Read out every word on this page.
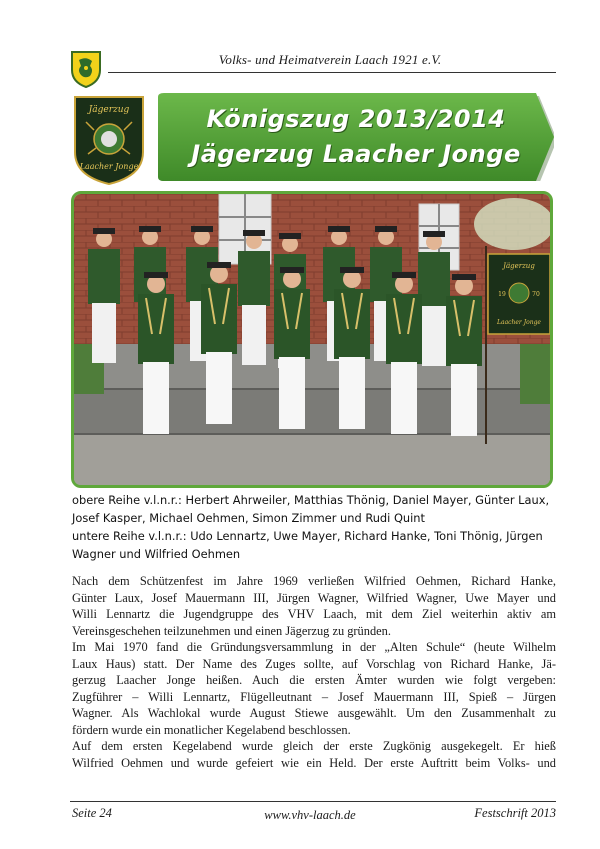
Volks- und Heimatverein Laach 1921 e.V.
Jägerzug
Laacher Jonge
Königszug 2013/2014
Jägerzug Laacher Jonge
Jägerzug
19	70
Laacher Jonge
obere Reihe v.l.n.r.: Herbert Ahrweiler, Matthias Thönig, Daniel Mayer, Günter Laux,
Josef Kasper, Michael Oehmen, Simon Zimmer und Rudi Quint
untere Reihe v.l.n.r.: Udo Lennartz, Uwe Mayer, Richard Hanke, Toni Thönig, Jürgen
Wagner und Wilfried Oehmen

Nach dem Schützenfest im Jahre 1969 verließen Wilfried Oehmen, Richard Hanke,

Günter Laux, Josef Mauermann III, Jürgen Wagner, Wilfried Wagner, Uwe Mayer und

Willi Lennartz die Jugendgruppe des VHV Laach, mit dem Ziel weiterhin aktiv am

Vereinsgeschehen teilzunehmen und einen Jägerzug zu gründen.

Im Mai 1970 fand die Gründungsversammlung in der „Alten Schule“ (heute Wilhelm

Laux Haus) statt. Der Name des Zuges sollte, auf Vorschlag von Richard Hanke, Jä-

gerzug Laacher Jonge heißen. Auch die ersten Ämter wurden wie folgt vergeben:

Zugführer – Willi Lennartz, Flügelleutnant – Josef Mauermann III, Spieß – Jürgen

Wagner. Als Wachlokal wurde August Stiewe ausgewählt. Um den Zusammenhalt zu

fördern wurde ein monatlicher Kegelabend beschlossen.

Auf dem ersten Kegelabend wurde gleich der erste Zugkönig ausgekegelt. Er hieß

Wilfried Oehmen und wurde gefeiert wie ein Held. Der erste Auftritt beim Volks- und

Seite 24	www.vhv-laach.de	Festschrift 2013
